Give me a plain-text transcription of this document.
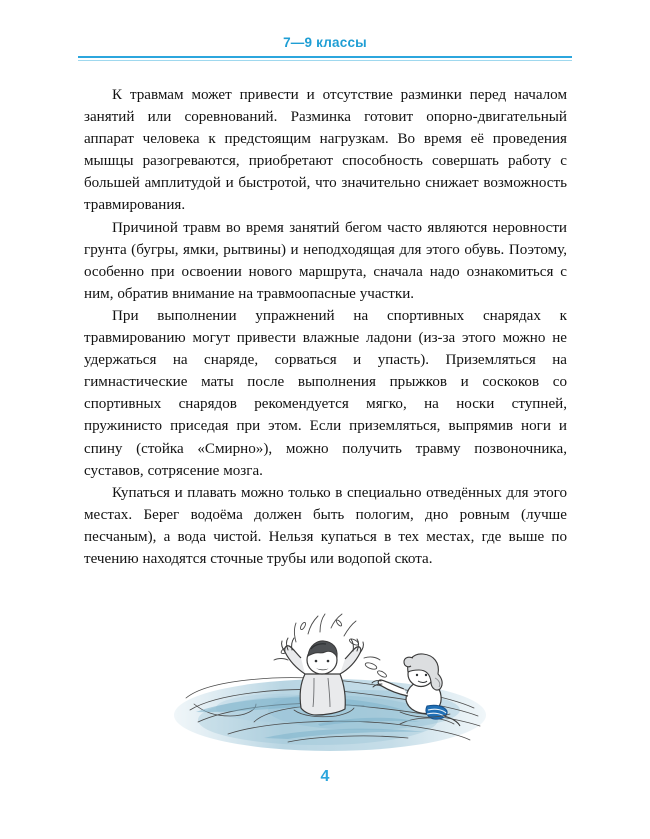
7—9 классы

К травмам может привести и отсутствие разминки перед началом занятий или соревнований. Разминка готовит опорно-двигательный аппарат человека к предстоящим нагрузкам. Во время её проведения мышцы разогреваются, приобретают способность совершать работу с большей амплитудой и быстротой, что значительно снижает возможность травмирования.

Причиной травм во время занятий бегом часто являются неровности грунта (бугры, ямки, рытвины) и неподходящая для этого обувь. Поэтому, особенно при освоении нового маршрута, сначала надо ознакомиться с ним, обратив внимание на травмоопасные участки.

При выполнении упражнений на спортивных снарядах к травмированию могут привести влажные ладони (из-за этого можно не удержаться на снаряде, сорваться и упасть). Приземляться на гимнастические маты после выполнения прыжков и соскоков со спортивных снарядов рекомендуется мягко, на носки ступней, пружинисто приседая при этом. Если приземляться, выпрямив ноги и спину (стойка «Смирно»), можно получить травму позвоночника, суставов, сотрясение мозга.

Купаться и плавать можно только в специально отведённых для этого местах. Берег водоёма должен быть пологим, дно ровным (лучше песчаным), а вода чистой. Нельзя купаться в тех местах, где выше по течению находятся сточные трубы или водопой скота.

4
